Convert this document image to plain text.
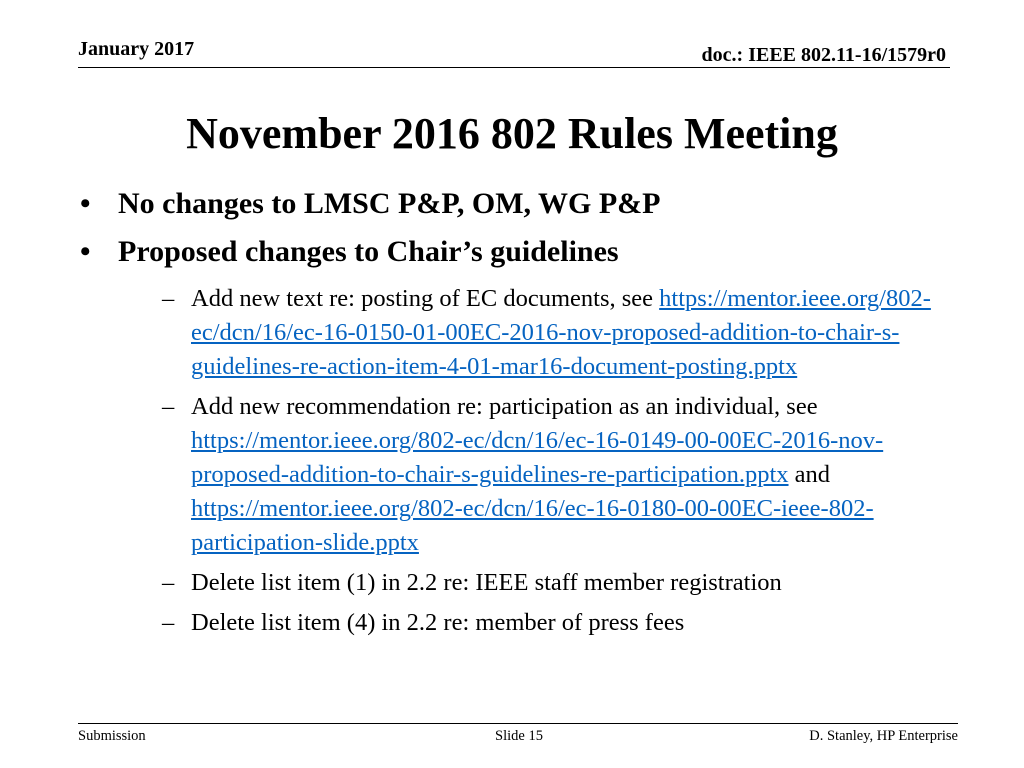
January 2017	doc.: IEEE 802.11-16/1579r0
November 2016 802 Rules Meeting
• No changes to LMSC P&P, OM, WG P&P
• Proposed changes to Chair’s guidelines
– Add new text re: posting of EC documents, see https://mentor.ieee.org/802-ec/dcn/16/ec-16-0150-01-00EC-2016-nov-proposed-addition-to-chair-s-guidelines-re-action-item-4-01-mar16-document-posting.pptx
– Add new recommendation re: participation as an individual, see https://mentor.ieee.org/802-ec/dcn/16/ec-16-0149-00-00EC-2016-nov-proposed-addition-to-chair-s-guidelines-re-participation.pptx and https://mentor.ieee.org/802-ec/dcn/16/ec-16-0180-00-00EC-ieee-802-participation-slide.pptx
– Delete list item (1) in 2.2 re: IEEE staff member registration
– Delete list item (4) in 2.2 re: member of press fees
Submission	Slide 15	D. Stanley, HP Enterprise
